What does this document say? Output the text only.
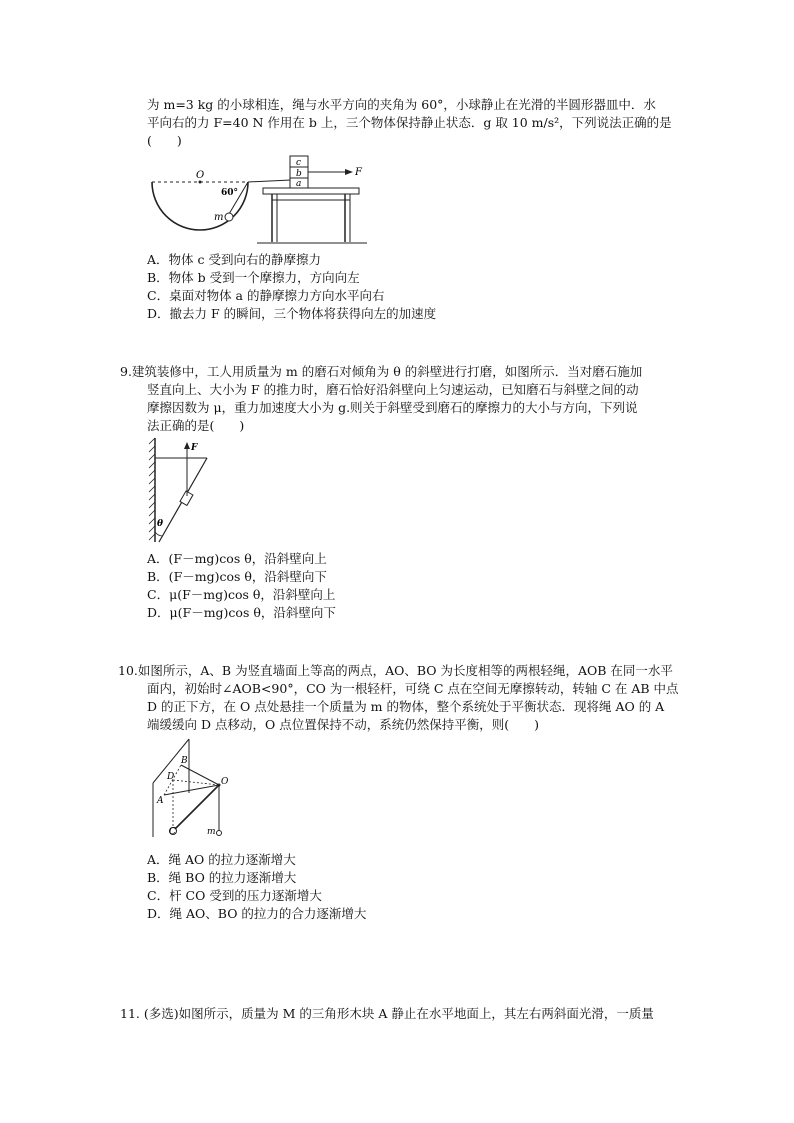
为 m=3 kg 的小球相连，绳与水平方向的夹角为 60°，小球静止在光滑的半圆形器皿中．水
平向右的力 F=40 N 作用在 b 上，三个物体保持静止状态．g 取 10 m/s²，下列说法正确的是
(　　)
O
m
60°
c
b
a
F
A．物体 c 受到向右的静摩擦力
B．物体 b 受到一个摩擦力，方向向左
C．桌面对物体 a 的静摩擦力方向水平向右
D．撤去力 F 的瞬间，三个物体将获得向左的加速度
9.建筑装修中，工人用质量为 m 的磨石对倾角为 θ 的斜壁进行打磨，如图所示．当对磨石施加
竖直向上、大小为 F 的推力时，磨石恰好沿斜壁向上匀速运动，已知磨石与斜壁之间的动
摩擦因数为 μ，重力加速度大小为 g.则关于斜壁受到磨石的摩擦力的大小与方向，下列说
法正确的是(　　)
F
θ
A．(F－mg)cos θ，沿斜壁向上
B．(F－mg)cos θ，沿斜壁向下
C．μ(F－mg)cos θ，沿斜壁向上
D．μ(F－mg)cos θ，沿斜壁向下
10.如图所示，A、B 为竖直墙面上等高的两点，AO、BO 为长度相等的两根轻绳，AOB 在同一水平
面内，初始时∠AOB<90°，CO 为一根轻杆，可绕 C 点在空间无摩擦转动，转轴 C 在 AB 中点
D 的正下方，在 O 点处悬挂一个质量为 m 的物体，整个系统处于平衡状态．现将绳 AO 的 A
端缓缓向 D 点移动，O 点位置保持不动，系统仍然保持平衡，则(　　)
B
D
A
O
C	m
A．绳 AO 的拉力逐渐增大
B．绳 BO 的拉力逐渐增大
C．杆 CO 受到的压力逐渐增大
D．绳 AO、BO 的拉力的合力逐渐增大
11. (多选)如图所示，质量为 M 的三角形木块 A 静止在水平地面上，其左右两斜面光滑，一质量
